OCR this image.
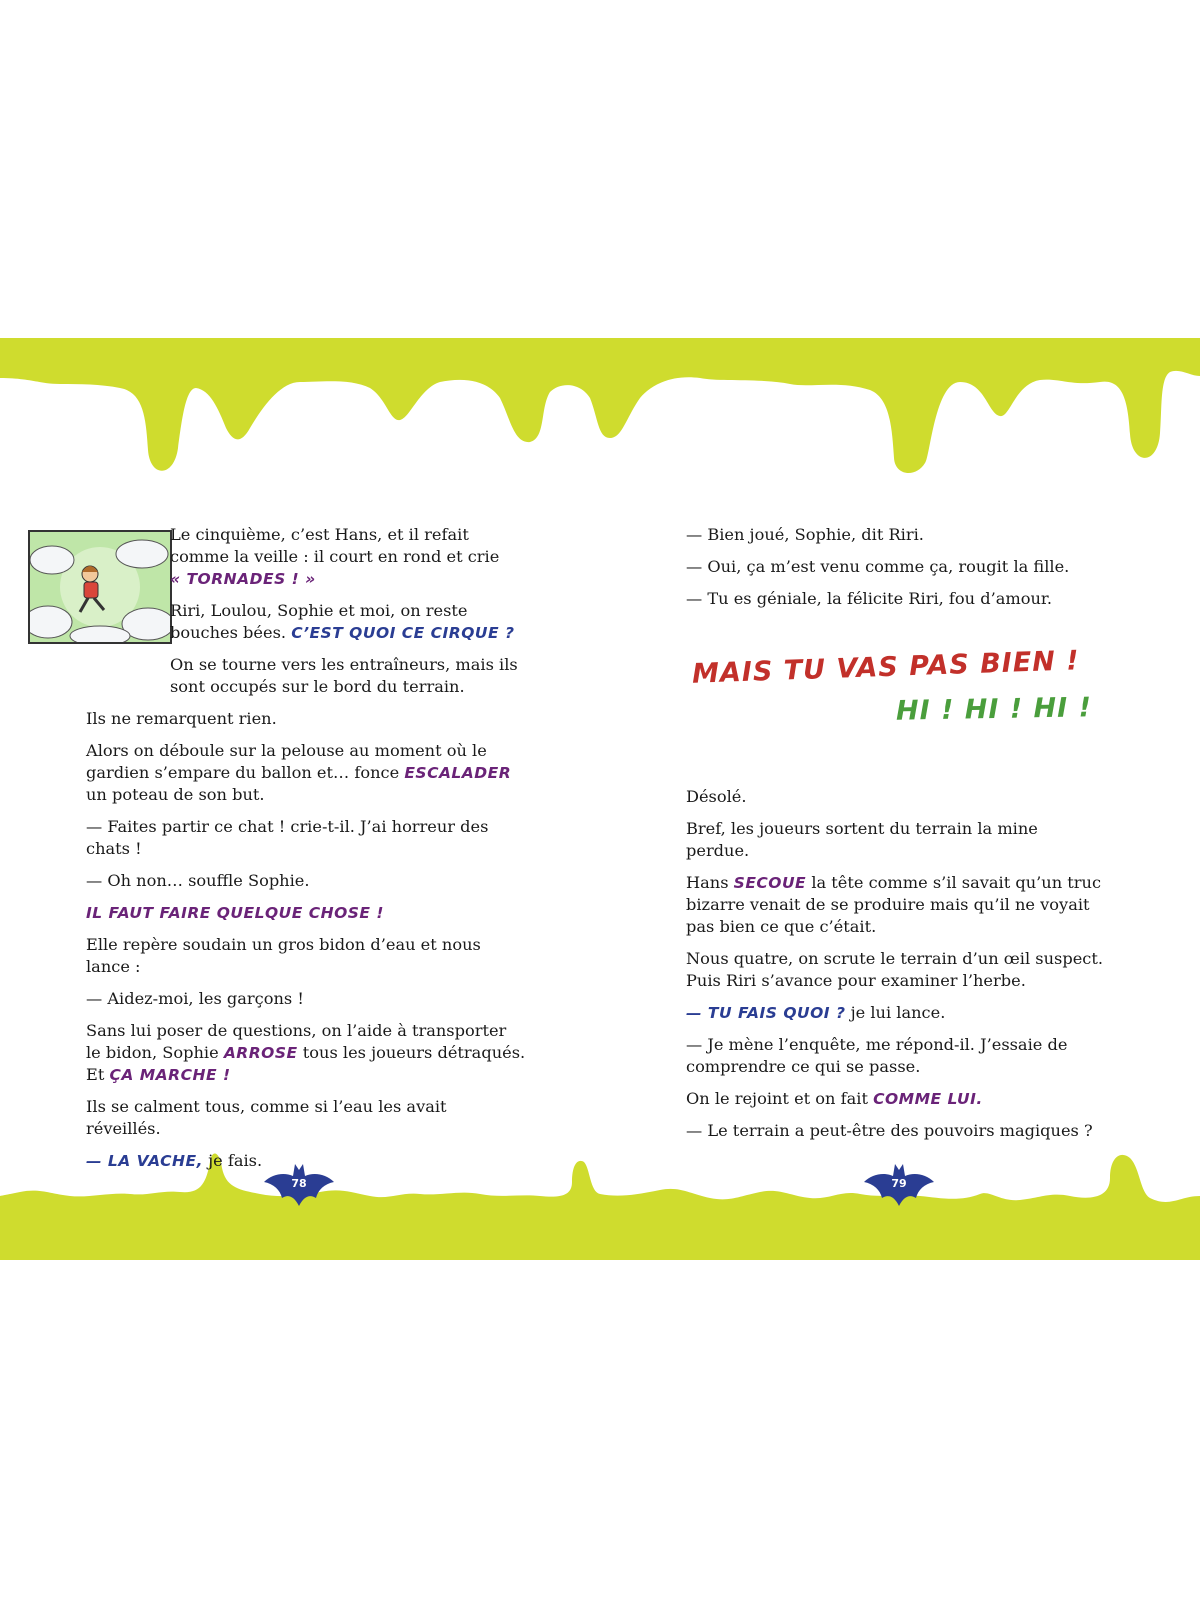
Le cinquième, c’est Hans, et il refait comme la veille : il court en rond et crie
« TORNADES ! »

Riri, Loulou, Sophie et moi, on reste bouches bées. C’EST QUOI CE CIRQUE ?

On se tourne vers les entraîneurs, mais ils sont occupés sur le bord du terrain.

Ils ne remarquent rien.

Alors on déboule sur la pelouse au moment où le gardien s’empare du ballon et… fonce ESCALADER un poteau de son but.

— Faites partir ce chat ! crie-t-il. J’ai horreur des chats !

— Oh non… souffle Sophie.

IL FAUT FAIRE QUELQUE CHOSE !

Elle repère soudain un gros bidon d’eau et nous lance :

— Aidez-moi, les garçons !

Sans lui poser de questions, on l’aide à transporter le bidon, Sophie ARROSE tous les joueurs détraqués. Et ÇA MARCHE !

Ils se calment tous, comme si l’eau les avait réveillés.

— LA VACHE, je fais.

— Bien joué, Sophie, dit Riri.

— Oui, ça m’est venu comme ça, rougit la fille.

— Tu es géniale, la félicite Riri, fou d’amour.

Désolé.

Bref, les joueurs sortent du terrain la mine perdue.

Hans SECOUE la tête comme s’il savait qu’un truc bizarre venait de se produire mais qu’il ne voyait pas bien ce que c’était.

Nous quatre, on scrute le terrain d’un œil suspect. Puis Riri s’avance pour examiner l’herbe.

— TU FAIS QUOI ? je lui lance.

— Je mène l’enquête, me répond-il. J’essaie de comprendre ce qui se passe.

On le rejoint et on fait COMME LUI.

— Le terrain a peut-être des pouvoirs magiques ?

MAIS TU VAS PAS BIEN !
HI ! HI ! HI !
78	79
